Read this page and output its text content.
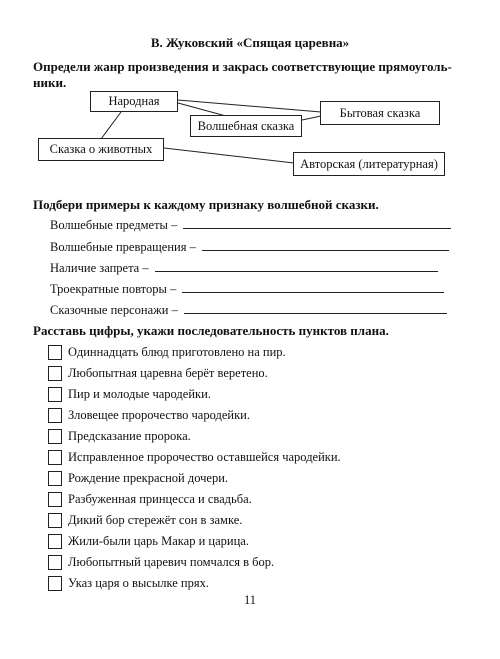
В. Жуковский «Спящая царевна»
Определи жанр произведения и закрась соответствующие прямоуголь-ники.
Народная
Волшебная сказка
Бытовая сказка
Сказка о животных
Авторская (литературная)
Подбери примеры к каждому признаку волшебной сказки.
Волшебные предметы –
Волшебные превращения –
Наличие запрета –
Троекратные повторы –
Сказочные персонажи –
Расставь цифры, укажи последовательность пунктов плана.
Одиннадцать блюд приготовлено на пир.
Любопытная царевна берёт веретено.
Пир и молодые чародейки.
Зловещее пророчество чародейки.
Предсказание пророка.
Исправленное пророчество оставшейся чародейки.
Рождение прекрасной дочери.
Разбуженная принцесса и свадьба.
Дикий бор стережёт сон в замке.
Жили-были царь Макар и царица.
Любопытный царевич помчался в бор.
Указ царя о высылке прях.
11
